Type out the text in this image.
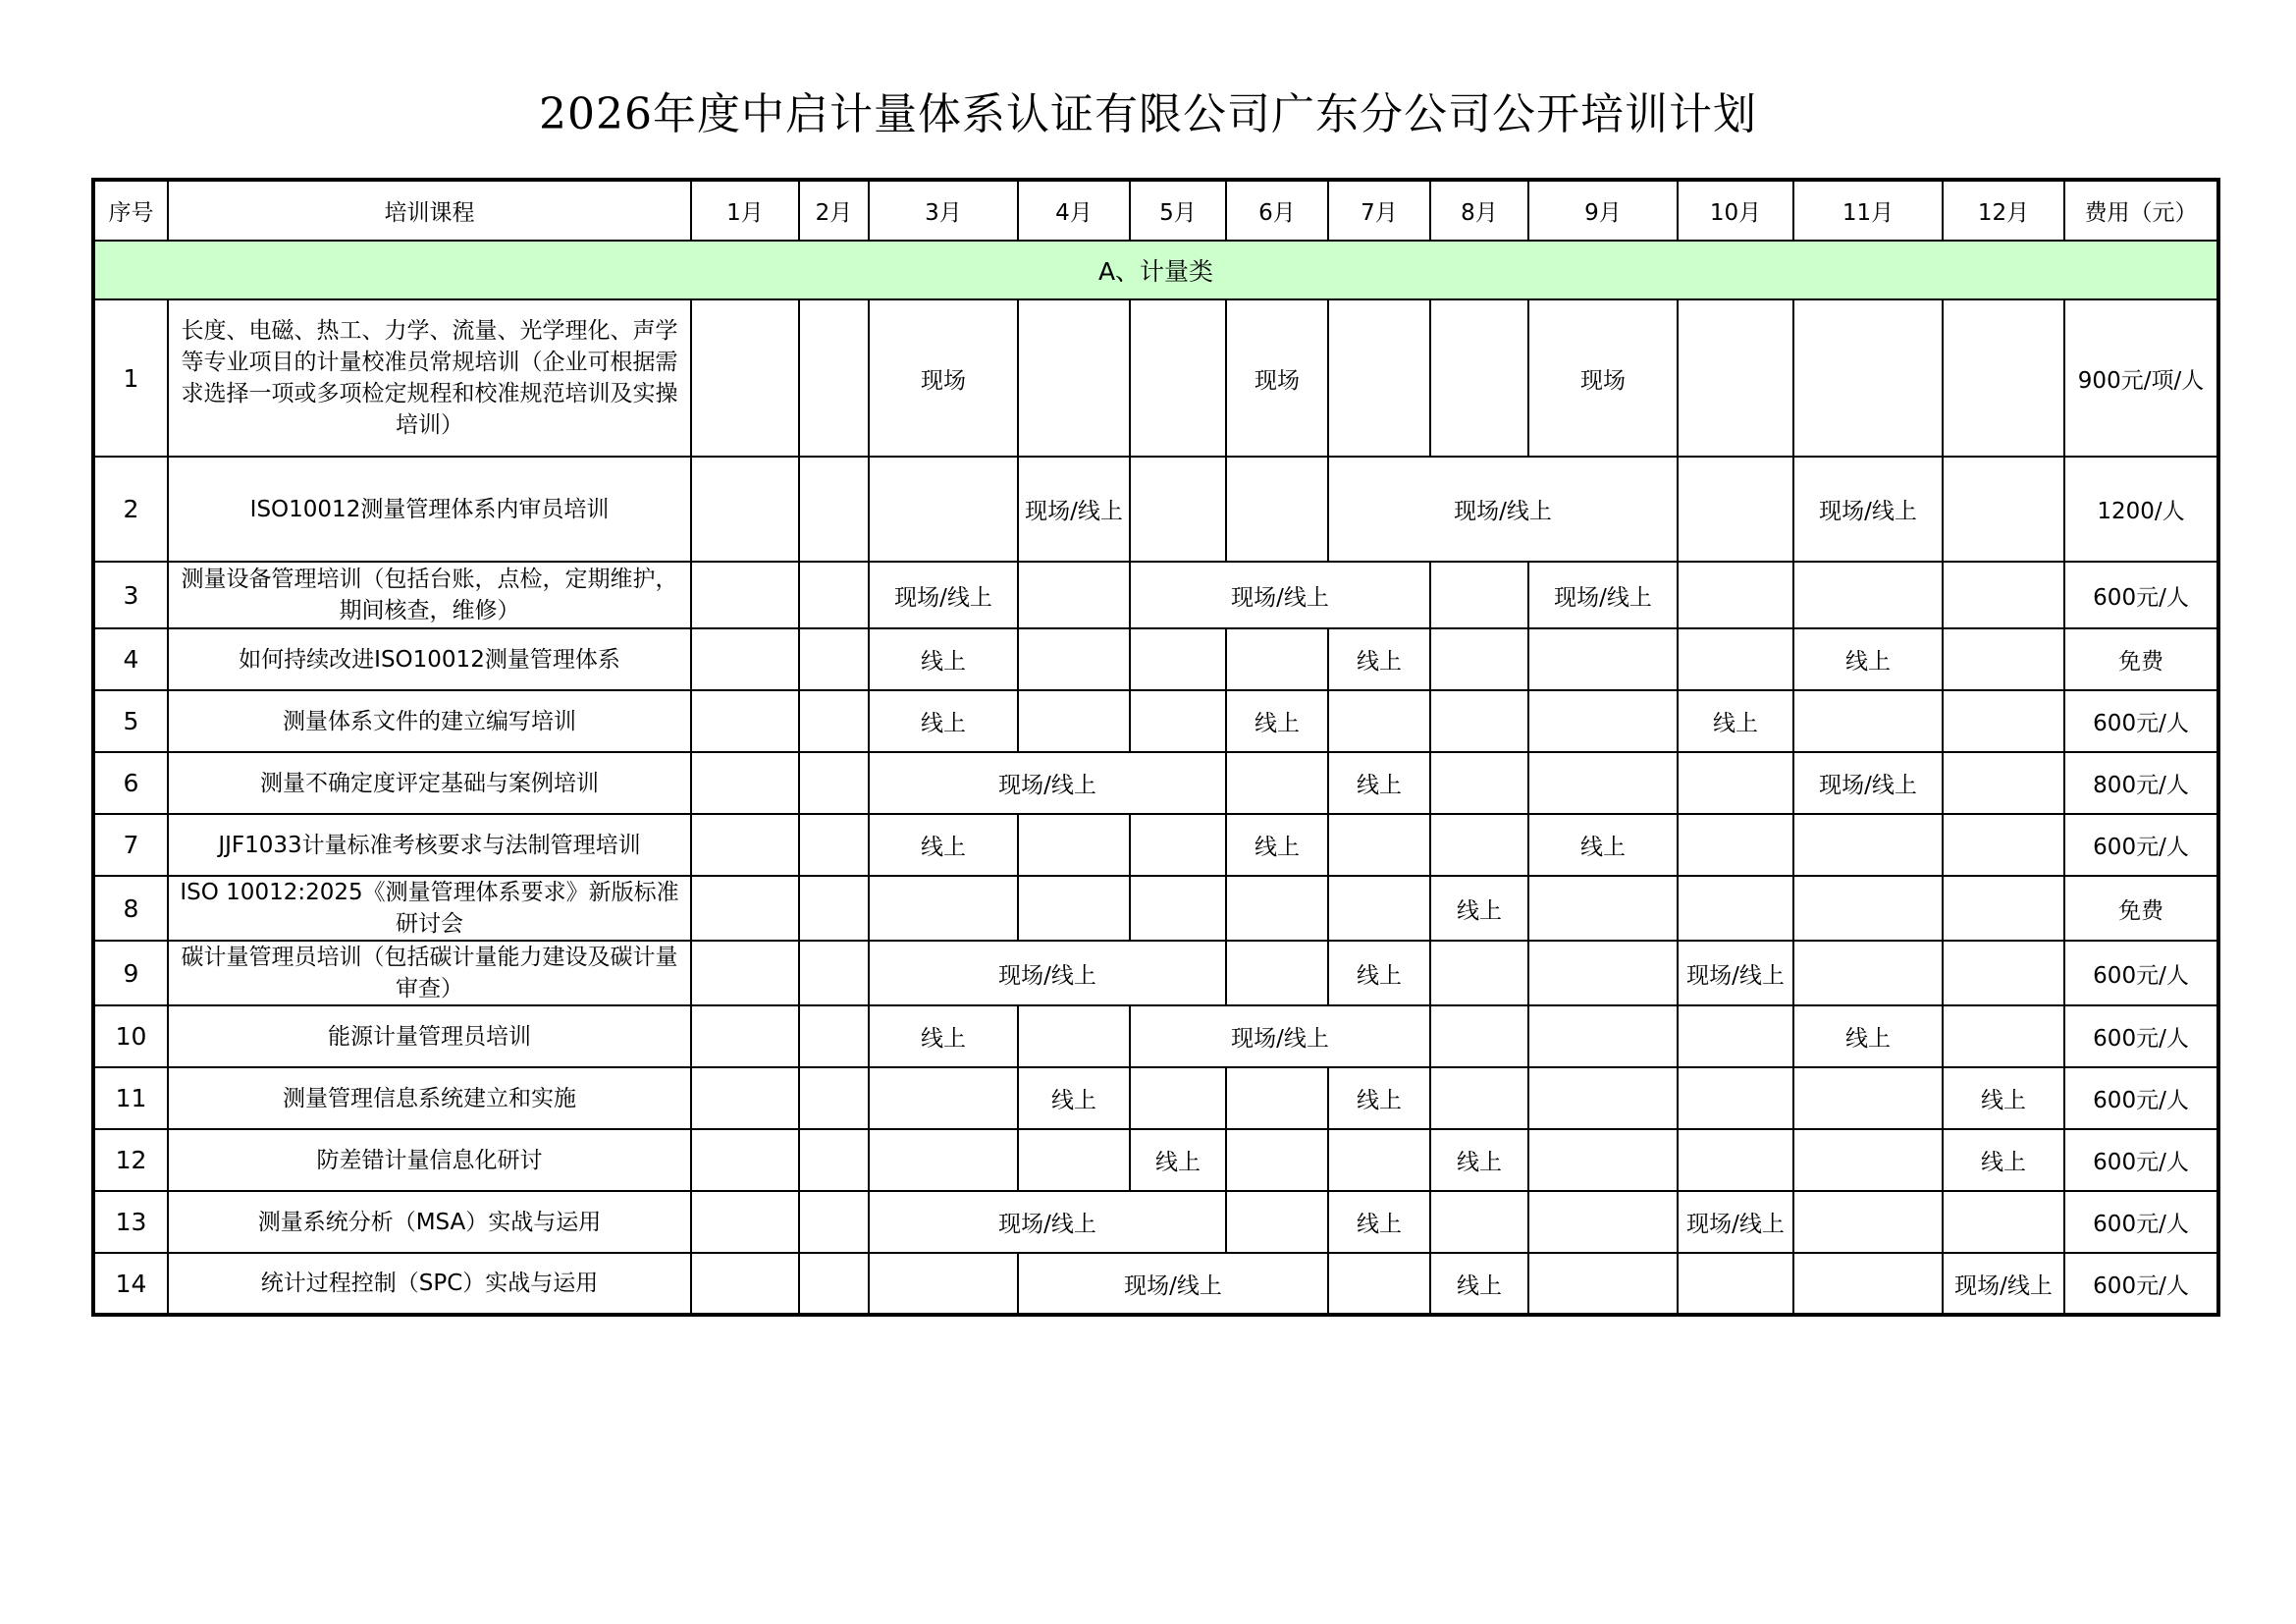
2026年度中启计量体系认证有限公司广东分公司公开培训计划
序号	培训课程	1月	2月	3月	4月	5月	6月	7月	8月	9月	10月	11月	12月	费用（元）
A、计量类														
1	长度、电磁、热工、力学、流量、光学理化、声学等专业项目的计量校准员常规培训（企业可根据需求选择一项或多项检定规程和校准规范培训及实操培训）			现场			现场			现场				900元/项/人
2	ISO10012测量管理体系内审员培训				现场/线上			现场/线上				现场/线上		1200/人
3	测量设备管理培训（包括台账，点检，定期维护，期间核查，维修）			现场/线上		现场/线上				现场/线上				600元/人
4	如何持续改进ISO10012测量管理体系			线上				线上				线上		免费
5	测量体系文件的建立编写培训			线上			线上				线上			600元/人
6	测量不确定度评定基础与案例培训			现场/线上				线上				现场/线上		800元/人
7	JJF1033计量标准考核要求与法制管理培训			线上			线上			线上				600元/人
8	ISO 10012:2025《测量管理体系要求》新版标准研讨会								线上					免费
9	碳计量管理员培训（包括碳计量能力建设及碳计量审查）			现场/线上				线上			现场/线上			600元/人
10	能源计量管理员培训			线上		现场/线上						线上		600元/人
11	测量管理信息系统建立和实施				线上			线上					线上	600元/人
12	防差错计量信息化研讨					线上			线上				线上	600元/人
13	测量系统分析（MSA）实战与运用			现场/线上				线上			现场/线上			600元/人
14	统计过程控制（SPC）实战与运用				现场/线上				线上				现场/线上	600元/人
